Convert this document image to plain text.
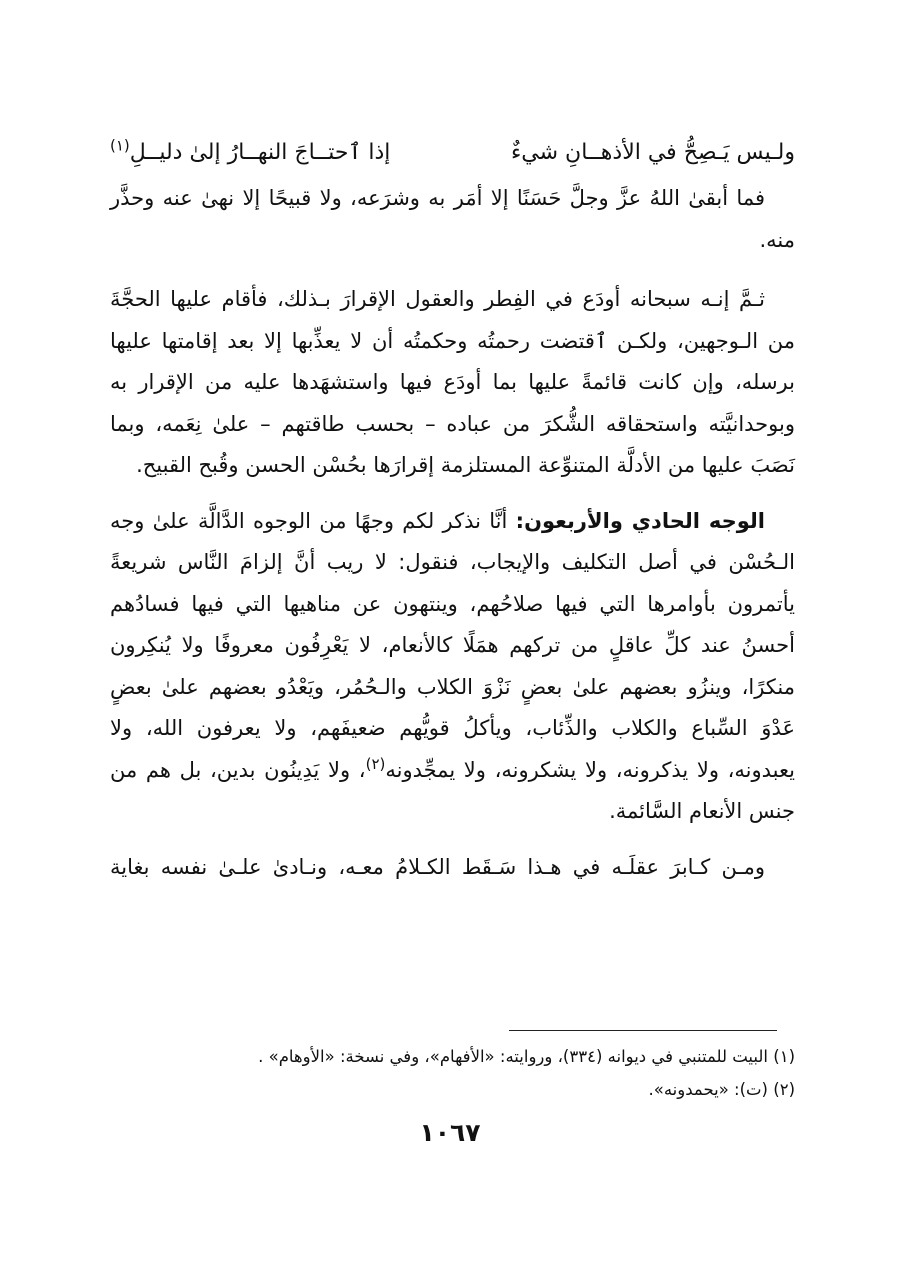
ولـيس يَـصِحُّ في الأذهــانِ شيءٌ
إذا ٱحتــاجَ النهــارُ إلىٰ دليــلِ$^{(١)}$

فما أبقىٰ اللهُ عزَّ وجلَّ حَسَنًا إلا أمَر به وشرَعه، ولا قبيحًا إلا نهىٰ عنه وحذَّر منه.

ثـمَّ إنـه سبحانه أودَع في الفِطر والعقول الإقرارَ بـذلك، فأقام عليها الحجَّةَ من الـوجهين، ولكـن ٱقتضت رحمتُه وحكمتُه أن لا يعذِّبها إلا بعد إقامتها عليها برسله، وإن كانت قائمةً عليها بما أودَع فيها واستشهَدها عليه من الإقرار به وبوحدانيَّته واستحقاقه الشُّكرَ من عباده – بحسب طاقتهم – علىٰ نِعَمه، وبما نَصَبَ عليها من الأدلَّة المتنوِّعة المستلزمة إقرارَها بحُسْن الحسن وقُبح القبيح.

الوجه الحادي والأربعون: أنَّا نذكر لكم وجهًا من الوجوه الدَّالَّة علىٰ وجه الـحُسْن في أصل التكليف والإيجاب، فنقول: لا ريب أنَّ إلزامَ النَّاس شريعةً يأتمرون بأوامرها التي فيها صلاحُهم، وينتهون عن مناهيها التي فيها فسادُهم أحسنُ عند كلِّ عاقلٍ من تركهم همَلًا كالأنعام، لا يَعْرِفُون معروفًا ولا يُنكِرون منكرًا، وينزُو بعضهم علىٰ بعضٍ نَزْوَ الكلاب والـحُمُر، ويَعْدُو بعضهم علىٰ بعضٍ عَدْوَ السِّباع والكلاب والذِّئاب، ويأكلُ قويُّهم ضعيفَهم، ولا يعرفون الله، ولا يعبدونه، ولا يذكرونه، ولا يشكرونه، ولا يمجِّدونه$^{(٢)}$، ولا يَدِينُون بدين، بل هم من جنس الأنعام السَّائمة.

ومـن كـابرَ عقلَـه في هـذا سَـقَط الكـلامُ معـه، ونـادىٰ علـىٰ نفسه بغاية

(١) البيت للمتنبي في ديوانه (٣٣٤)، وروايته: «الأفهام»، وفي نسخة: «الأوهام» .

(٢) (ت): «يحمدونه».

١٠٦٧
